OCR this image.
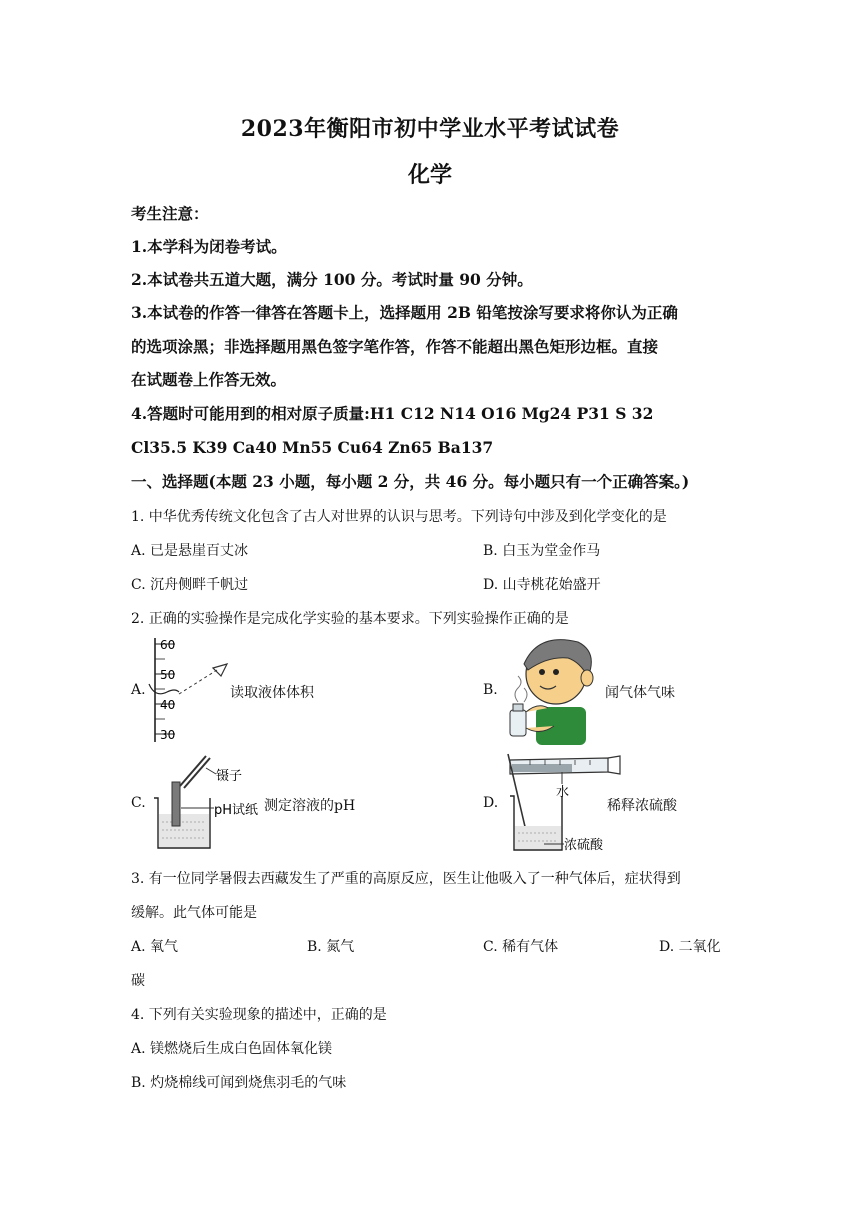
2023年衡阳市初中学业水平考试试卷
化学
考生注意：
1.本学科为闭卷考试。
2.本试卷共五道大题，满分 100 分。考试时量 90 分钟。
3.本试卷的作答一律答在答题卡上，选择题用 2B 铅笔按涂写要求将你认为正确
的选项涂黑；非选择题用黑色签字笔作答，作答不能超出黑色矩形边框。直接
在试题卷上作答无效。
4.答题时可能用到的相对原子质量:H1 C12 N14 O16 Mg24 P31 S 32
Cl35.5 K39 Ca40 Mn55 Cu64 Zn65 Ba137
一、选择题(本题 23 小题，每小题 2 分，共 46 分。每小题只有一个正确答案。)
1. 中华优秀传统文化包含了古人对世界的认识与思考。下列诗句中涉及到化学变化的是
A. 已是悬崖百丈冰	B. 白玉为堂金作马
C. 沉舟侧畔千帆过	D. 山寺桃花始盛开
2. 正确的实验操作是完成化学实验的基本要求。下列实验操作正确的是
A.
60
50
40
30
读取液体体积	B.	闻气体气味
C.
镊子
pH试纸 测定溶液的pH	D.
水
浓硫酸
稀释浓硫酸
3. 有一位同学暑假去西藏发生了严重的高原反应，医生让他吸入了一种气体后，症状得到
缓解。此气体可能是
A. 氧气	B. 氮气	C. 稀有气体	D. 二氧化
碳
4. 下列有关实验现象的描述中，正确的是
A. 镁燃烧后生成白色固体氧化镁
B. 灼烧棉线可闻到烧焦羽毛的气味
